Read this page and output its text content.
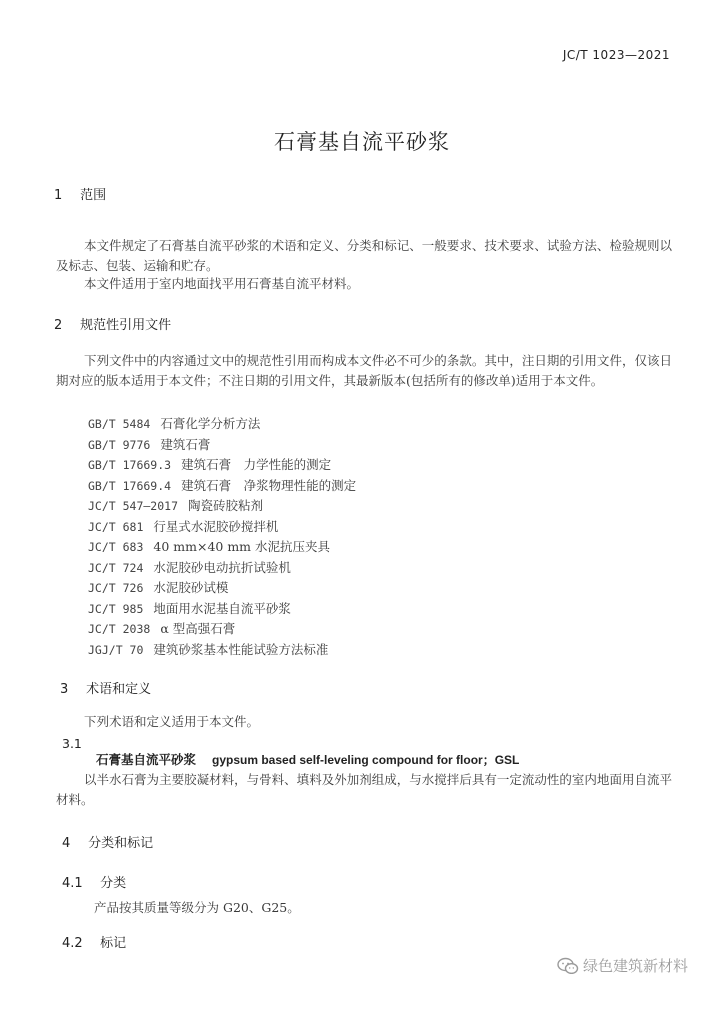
JC/T 1023—2021
石膏基自流平砂浆
1 范围
本文件规定了石膏基自流平砂浆的术语和定义、分类和标记、一般要求、技术要求、试验方法、检验规则以及标志、包装、运输和贮存。
本文件适用于室内地面找平用石膏基自流平材料。
2 规范性引用文件
下列文件中的内容通过文中的规范性引用而构成本文件必不可少的条款。其中，注日期的引用文件，仅该日期对应的版本适用于本文件；不注日期的引用文件，其最新版本(包括所有的修改单)适用于本文件。
GB/T 5484 石膏化学分析方法
GB/T 9776 建筑石膏
GB/T 17669.3 建筑石膏　力学性能的测定
GB/T 17669.4 建筑石膏　净浆物理性能的测定
JC/T 547—2017 陶瓷砖胶粘剂
JC/T 681 行星式水泥胶砂搅拌机
JC/T 683 40 mm×40 mm 水泥抗压夹具
JC/T 724 水泥胶砂电动抗折试验机
JC/T 726 水泥胶砂试模
JC/T 985 地面用水泥基自流平砂浆
JC/T 2038 α 型高强石膏
JGJ/T 70 建筑砂浆基本性能试验方法标准
3 术语和定义
下列术语和定义适用于本文件。
3.1
石膏基自流平砂浆 gypsum based self-leveling compound for floor；GSL
以半水石膏为主要胶凝材料，与骨料、填料及外加剂组成，与水搅拌后具有一定流动性的室内地面用自流平材料。
4 分类和标记
4.1 分类
产品按其质量等级分为 G20、G25。
4.2 标记
绿色建筑新材料
